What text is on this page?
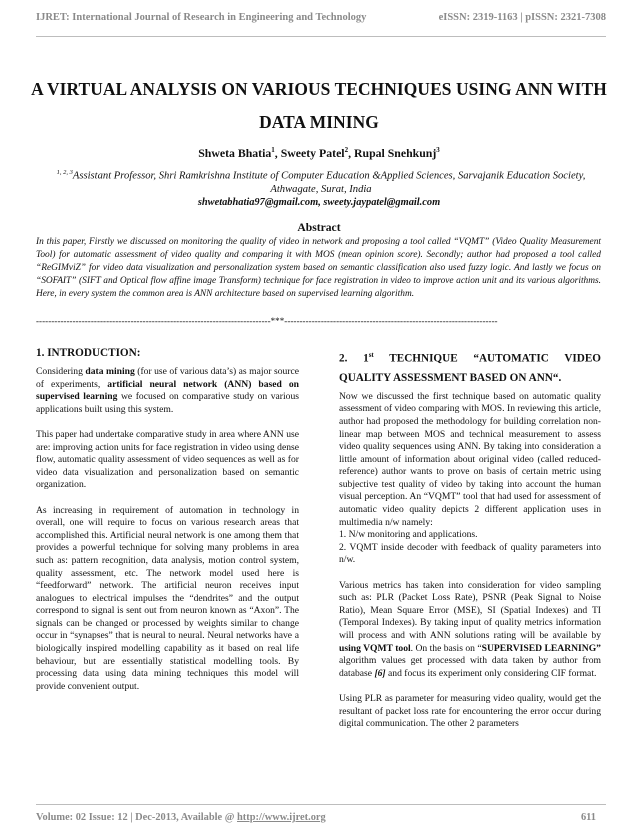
IJRET: International Journal of Research in Engineering and Technology	eISSN: 2319-1163 | pISSN: 2321-7308
A VIRTUAL ANALYSIS ON VARIOUS TECHNIQUES USING ANN WITH DATA MINING
Shweta Bhatia$^1$, Sweety Patel$^2$, Rupal Snehkunj$^3$
$^{1, 2, 3}$Assistant Professor, Shri Ramkrishna Institute of Computer Education &Applied Sciences, Sarvajanik Education Society, Athwagate, Surat, India
shwetabhatia97@gmail.com, sweety.jaypatel@gmail.com
Abstract
In this paper, Firstly we discussed on monitoring the quality of video in network and proposing a tool called “VQMT” (Video Quality Measurement Tool) for automatic assessment of video quality and comparing it with MOS (mean opinion score). Secondly; author had proposed a tool called “ReGIMviZ” for video data visualization and personalization system based on semantic classification also used fuzzy logic. And lastly we focus on “SOFAIT” (SIFT and Optical flow affine image Transform) technique for face registration in video to improve action unit and its various algorithms. Here, in every system the common area is ANN architecture based on supervised learning algorithm.
-----------------------------------------------------------------------------***----------------------------------------------------------------------
1. INTRODUCTION:

Considering data mining (for use of various data’s) as major source of experiments, artificial neural network (ANN) based on supervised learning we focused on comparative study on various applications built using this system.

This paper had undertake comparative study in area where ANN use are: improving action units for face registration in video using dense flow, automatic quality assessment of video sequences as well as for video data visualization and personalization based on semantic organization.

As increasing in requirement of automation in technology in overall, one will require to focus on various research areas that accomplished this. Artificial neural network is one among them that provides a powerful technique for solving many problems in area such as: pattern recognition, data analysis, motion control system, quality assessment, etc. The network model used here is “feedforward” network. The artificial neuron receives input analogues to electrical impulses the “dendrites” and the output correspond to signal is sent out from neuron known as “Axon”. The signals can be changed or processed by weights similar to change occur in “synapses” that is neural to neural. Neural networks have a biologically inspired modelling capability as it based on real life behaviour, but are essentially statistical modelling tools. By processing data using data mining techniques this model will provide convenient output.

2. 1st TECHNIQUE “AUTOMATIC VIDEO QUALITY ASSESSMENT BASED ON ANN“.
Now we discussed the first technique based on automatic quality assessment of video comparing with MOS. In reviewing this article, author had proposed the methodology for building correlation non-linear map between MOS and technical measurement to assess video quality sequences using ANN. By taking into consideration a little amount of information about original video (called reduced-reference) author wants to prove on basis of certain metric using subjective test quality of video by taking into account the human visual perception. An “VQMT” tool that had used for assessment of automatic video quality depicts 2 different application uses in multimedia n/w namely:
1. N/w monitoring and applications.
2. VQMT inside decoder with feedback of quality parameters into n/w.

Various metrics has taken into consideration for video sampling such as: PLR (Packet Loss Rate), PSNR (Peak Signal to Noise Ratio), Mean Square Error (MSE), SI (Spatial Indexes) and TI (Temporal Indexes). By taking input of quality metrics information will process and with ANN solutions rating will be available by using VQMT tool. On the basis on “SUPERVISED LEARNING” algorithm values get processed with data taken by author from database [6] and focus its experiment only considering CIF format.

Using PLR as parameter for measuring video quality, would get the resultant of packet loss rate for encountering the error occur during digital communication. The other 2 parameters

Volume: 02 Issue: 12 | Dec-2013, Available @ http://www.ijret.org	611
